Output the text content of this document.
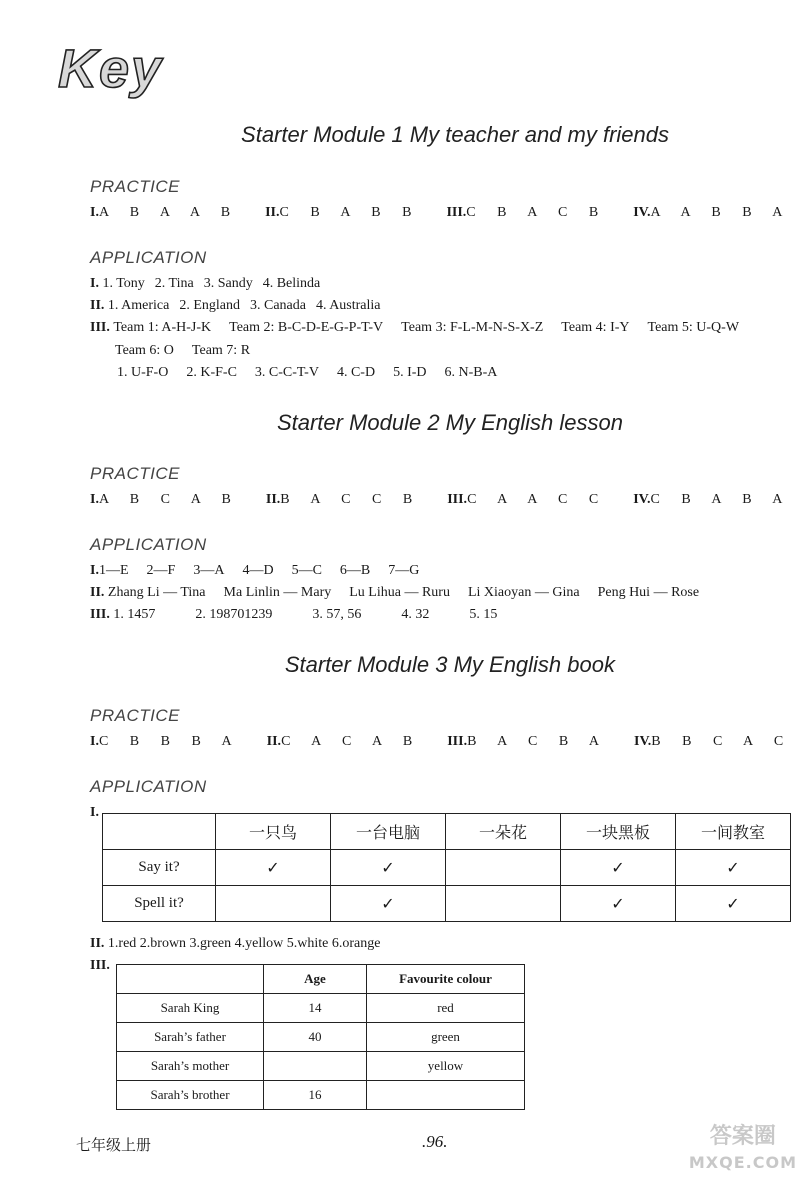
Key
Starter Module 1 My teacher and my friends
PRACTICE
I.A B A A B II.C B A B B III.C B A C B IV.A A B B A
APPLICATION
I. 1. Tony 2. Tina 3. Sandy 4. Belinda
II. 1. America 2. England 3. Canada 4. Australia
III. Team 1: A-H-J-K Team 2: B-C-D-E-G-P-T-V Team 3: F-L-M-N-S-X-Z Team 4: I-Y Team 5: U-Q-W
Team 6: O Team 7: R
1. U-F-O 2. K-F-C 3. C-C-T-V 4. C-D 5. I-D 6. N-B-A
Starter Module 2 My English lesson
PRACTICE
I.A B C A B II.B A C C B III.C A A C C IV.C B A B A
APPLICATION
I.1—E 2—F 3—A 4—D 5—C 6—B 7—G
II. Zhang Li — Tina Ma Linlin — Mary Lu Lihua — Ruru Li Xiaoyan — Gina Peng Hui — Rose
III. 1. 1457	2. 198701239	3. 57, 56	4. 32	5. 15
Starter Module 3 My English book
PRACTICE
I.C B B B A II.C A C A B III.B A C B A IV.B B C A C
APPLICATION
I.
	一只鸟	一台电脑	一朵花	一块黑板	一间教室
Say it?	✓	✓		✓	✓
Spell it?		✓		✓	✓
II. 1.red 2.brown 3.green 4.yellow 5.white 6.orange
III.
	Age	Favourite colour
Sarah King	14	red
Sarah’s father	40	green
Sarah’s mother		yellow
Sarah’s brother	16	
七年级上册	.96.	答案圈
MXQE.COM
